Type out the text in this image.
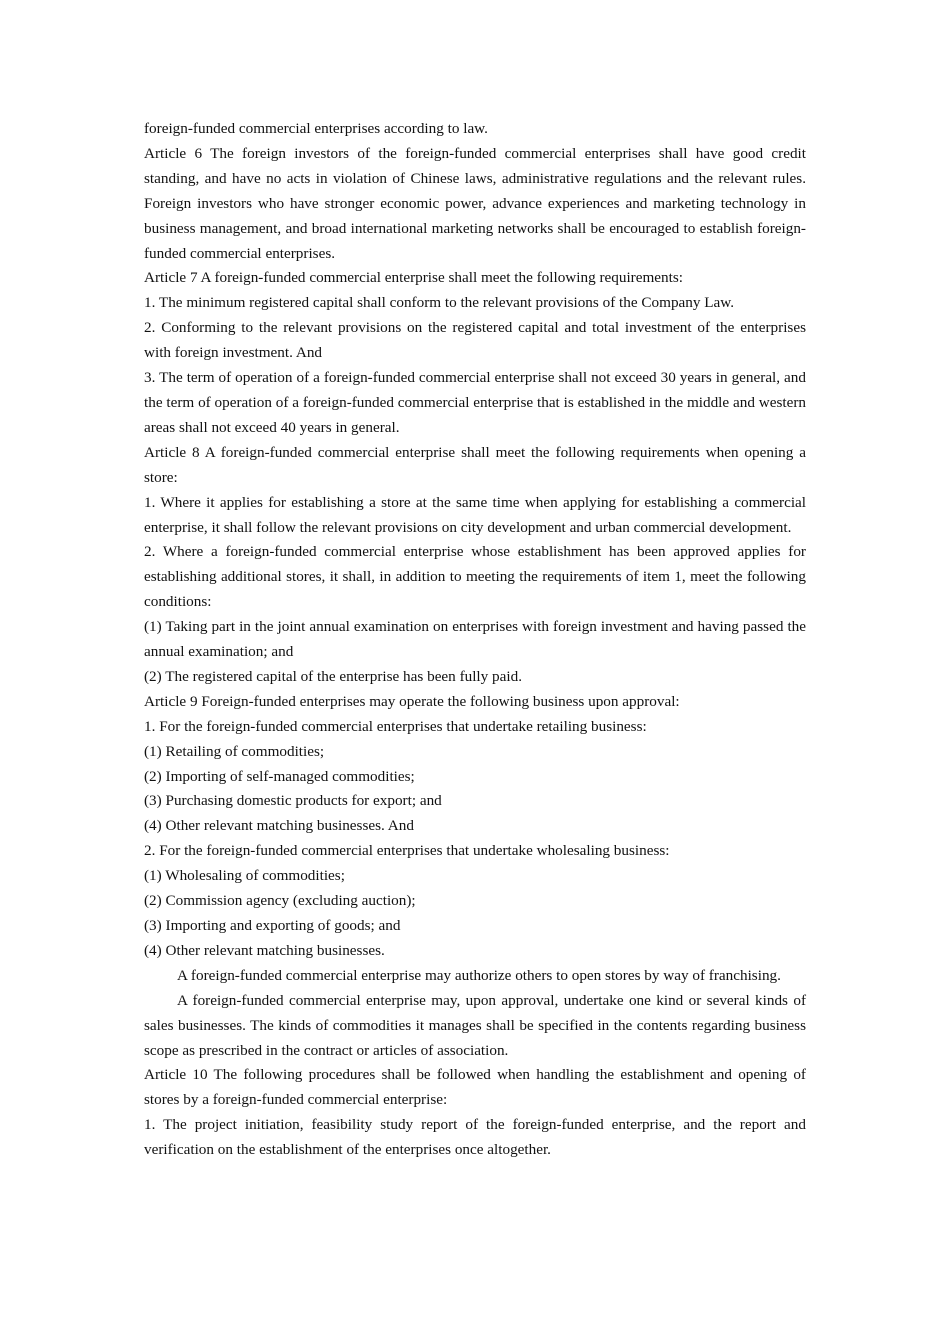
foreign-funded commercial enterprises according to law.

Article 6 The foreign investors of the foreign-funded commercial enterprises shall have good credit standing, and have no acts in violation of Chinese laws, administrative regulations and the relevant rules. Foreign investors who have stronger economic power, advance experiences and marketing technology in business management, and broad international marketing networks shall be encouraged to establish foreign-funded commercial enterprises.

Article 7 A foreign-funded commercial enterprise shall meet the following requirements:

1. The minimum registered capital shall conform to the relevant provisions of the Company Law.

2. Conforming to the relevant provisions on the registered capital and total investment of the enterprises with foreign investment. And

3. The term of operation of a foreign-funded commercial enterprise shall not exceed 30 years in general, and the term of operation of a foreign-funded commercial enterprise that is established in the middle and western areas shall not exceed 40 years in general.

Article 8 A foreign-funded commercial enterprise shall meet the following requirements when opening a store:

1. Where it applies for establishing a store at the same time when applying for establishing a commercial enterprise, it shall follow the relevant provisions on city development and urban commercial development.

2. Where a foreign-funded commercial enterprise whose establishment has been approved applies for establishing additional stores, it shall, in addition to meeting the requirements of item 1, meet the following conditions:

(1) Taking part in the joint annual examination on enterprises with foreign investment and having passed the annual examination; and

(2) The registered capital of the enterprise has been fully paid.

Article 9 Foreign-funded enterprises may operate the following business upon approval:

1. For the foreign-funded commercial enterprises that undertake retailing business:

(1) Retailing of commodities;

(2) Importing of self-managed commodities;

(3) Purchasing domestic products for export; and

(4) Other relevant matching businesses. And

2. For the foreign-funded commercial enterprises that undertake wholesaling business:

(1) Wholesaling of commodities;

(2) Commission agency (excluding auction);

(3) Importing and exporting of goods; and

(4) Other relevant matching businesses.

A foreign-funded commercial enterprise may authorize others to open stores by way of franchising.

A foreign-funded commercial enterprise may, upon approval, undertake one kind or several kinds of sales businesses. The kinds of commodities it manages shall be specified in the contents regarding business scope as prescribed in the contract or articles of association.

Article 10 The following procedures shall be followed when handling the establishment and opening of stores by a foreign-funded commercial enterprise:

1. The project initiation, feasibility study report of the foreign-funded enterprise, and the report and verification on the establishment of the enterprises once altogether.
